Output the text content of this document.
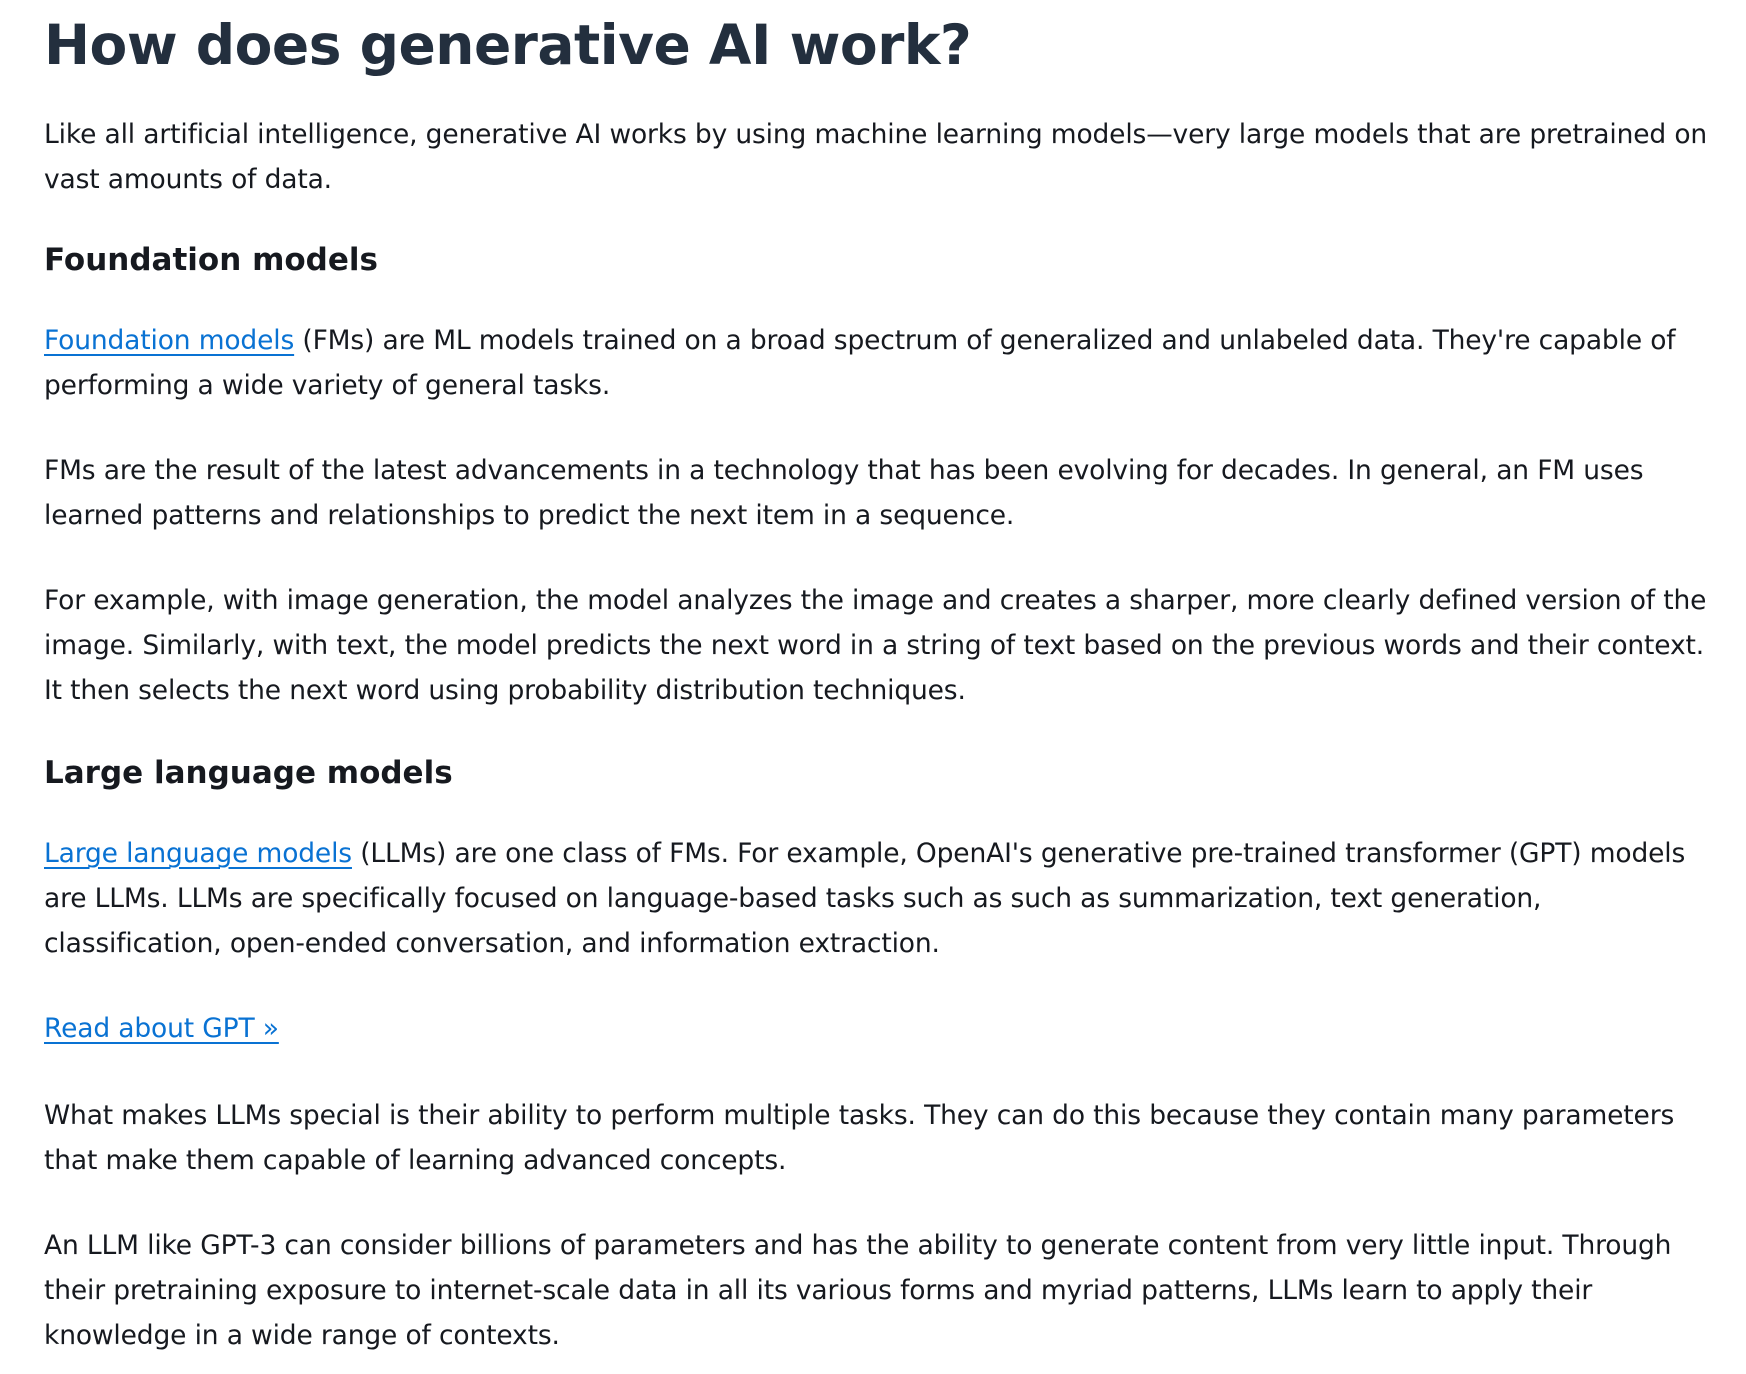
How does generative AI work?

Like all artificial intelligence, generative AI works by using machine learning models—very large models that are pretrained on vast amounts of data.

Foundation models

Foundation models (FMs) are ML models trained on a broad spectrum of generalized and unlabeled data. They're capable of performing a wide variety of general tasks.

FMs are the result of the latest advancements in a technology that has been evolving for decades. In general, an FM uses learned patterns and relationships to predict the next item in a sequence.

For example, with image generation, the model analyzes the image and creates a sharper, more clearly defined version of the image. Similarly, with text, the model predicts the next word in a string of text based on the previous words and their context. It then selects the next word using probability distribution techniques.

Large language models

Large language models (LLMs) are one class of FMs. For example, OpenAI's generative pre-trained transformer (GPT) models are LLMs. LLMs are specifically focused on language-based tasks such as such as summarization, text generation, classification, open-ended conversation, and information extraction.

Read about GPT »

What makes LLMs special is their ability to perform multiple tasks. They can do this because they contain many parameters that make them capable of learning advanced concepts.

An LLM like GPT-3 can consider billions of parameters and has the ability to generate content from very little input. Through their pretraining exposure to internet-scale data in all its various forms and myriad patterns, LLMs learn to apply their knowledge in a wide range of contexts.
